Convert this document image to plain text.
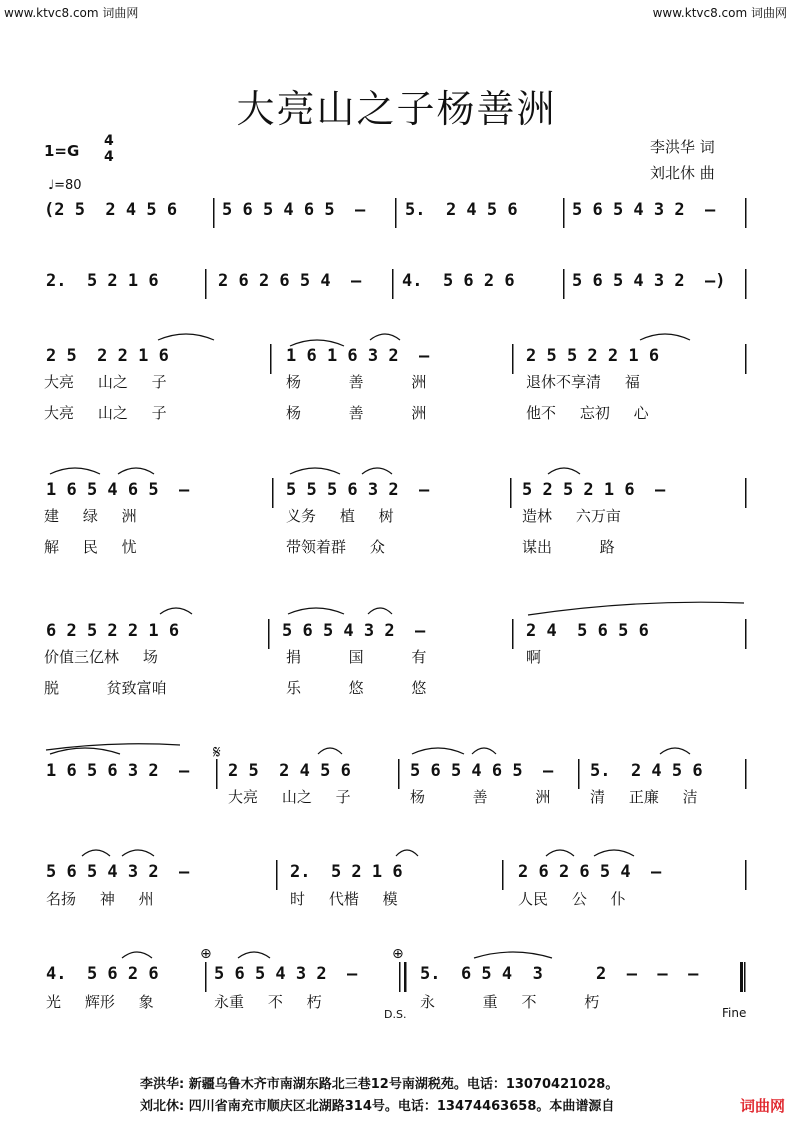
www.ktvc8.com 词曲网	www.ktvc8.com 词曲网
大亮山之子杨善洲
1=G
4
4
♩=80
李洪华 词
刘北休 曲
(2 5  2 4 5 6	5 6 5 4 6 5  – 5.  2 4 5 6	5 6 5 4 3 2  –
2.  5 2 1 6	2 6 2 6 5 4  – 4.  5 6 2 6	5 6 5 4 3 2  –)
2 5  2 2 1 6	1 6 1 6 3 2  –	2 5 5 2 2 1 6
1 6 5 4 6 5  –	5 5 5 6 3 2  –	5 2 5 2 1 6  –
6 2 5 2 2 1 6	5 6 5 4 3 2  –	2 4  5 6 5 6
1 6 5 6 3 2  – 2 5  2 4 5 6	5 6 5 4 6 5  – 5.  2 4 5 6
5 6 5 4 3 2  –	2.  5 2 1 6	2 6 2 6 5 4  –
4.  5 6 2 6	5 6 5 4 3 2  –	5.  6 5 4  3	2  –  –  –
大亮     山之     子	杨          善          洲	退休不享清     福
大亮     山之     子	杨          善          洲	他不     忘初     心
建     绿     洲	义务     植     树	造林     六万亩
解     民     忧	带领着群     众	谋出          路
价值三亿林     场	捐          国          有	啊
脱          贫致富咱	乐          悠          悠
大亮     山之     子	杨          善          洲	清     正廉     洁
名扬     神     州	时     代楷     模	人民     公     仆
光     辉形     象	永重     不     朽	永          重     不          朽
𝄋
⊕	⊕
D.S.	Fine
李洪华: 新疆乌鲁木齐市南湖东路北三巷12号南湖税苑。电话：13070421028。
刘北休: 四川省南充市顺庆区北湖路314号。电话：13474463658。本曲谱源自	词曲网
